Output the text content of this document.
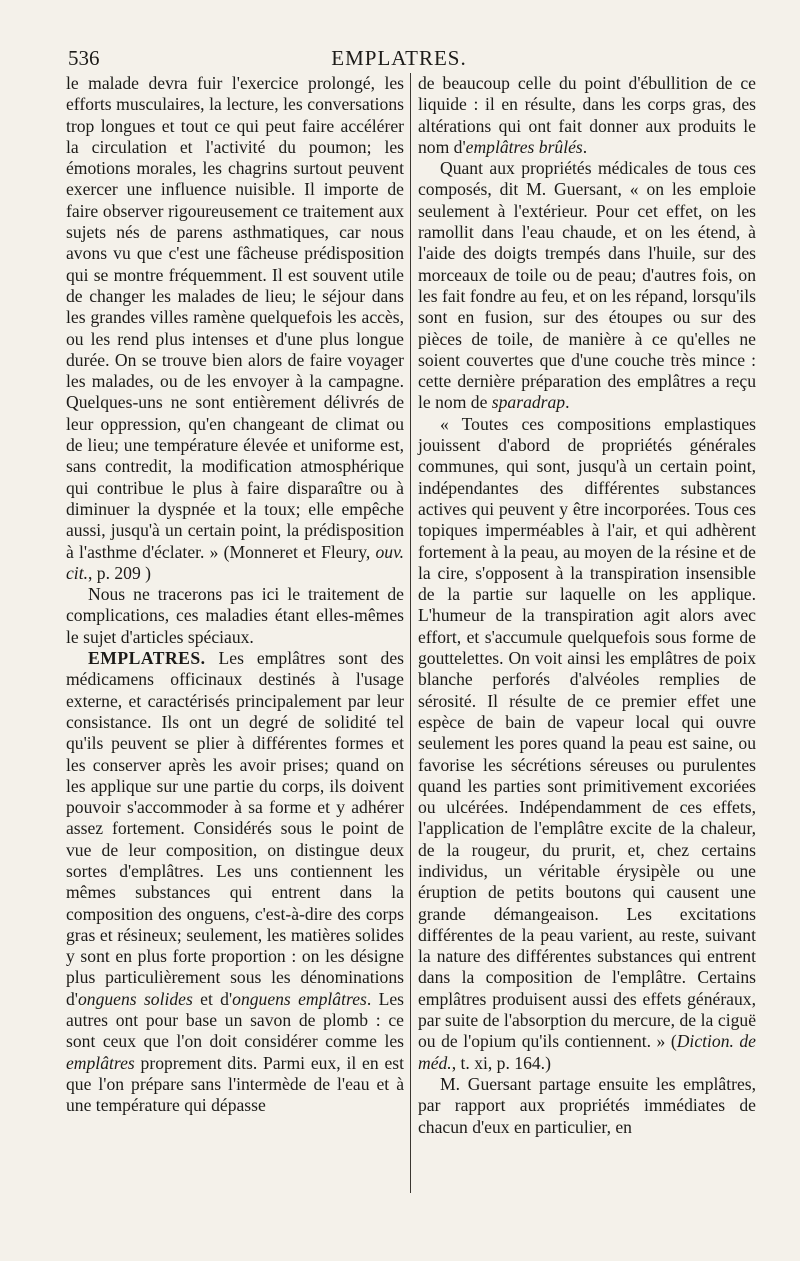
536	EMPLATRES.

le malade devra fuir l'exercice prolongé, les efforts musculaires, la lecture, les conversations trop longues et tout ce qui peut faire accélérer la circulation et l'activité du poumon; les émotions morales, les chagrins surtout peuvent exercer une influence nuisible. Il importe de faire observer rigoureusement ce traitement aux sujets nés de parens asthmatiques, car nous avons vu que c'est une fâcheuse prédisposition qui se montre fréquemment. Il est souvent utile de changer les malades de lieu; le séjour dans les grandes villes ramène quelquefois les accès, ou les rend plus intenses et d'une plus longue durée. On se trouve bien alors de faire voyager les malades, ou de les envoyer à la campagne. Quelques-uns ne sont entièrement délivrés de leur oppression, qu'en changeant de climat ou de lieu; une température élevée et uniforme est, sans contredit, la modification atmosphérique qui contribue le plus à faire disparaître ou à diminuer la dyspnée et la toux; elle empêche aussi, jusqu'à un certain point, la prédisposition à l'asthme d'éclater. » (Monneret et Fleury, ouv. cit., p. 209 )

Nous ne tracerons pas ici le traitement de complications, ces maladies étant elles-mêmes le sujet d'articles spéciaux.

EMPLATRES. Les emplâtres sont des médicamens officinaux destinés à l'usage externe, et caractérisés principalement par leur consistance. Ils ont un degré de solidité tel qu'ils peuvent se plier à différentes formes et les conserver après les avoir prises; quand on les applique sur une partie du corps, ils doivent pouvoir s'accommoder à sa forme et y adhérer assez fortement. Considérés sous le point de vue de leur composition, on distingue deux sortes d'emplâtres. Les uns contiennent les mêmes substances qui entrent dans la composition des onguens, c'est-à-dire des corps gras et résineux; seulement, les matières solides y sont en plus forte proportion : on les désigne plus particulièrement sous les dénominations d'onguens solides et d'onguens emplâtres. Les autres ont pour base un savon de plomb : ce sont ceux que l'on doit considérer comme les emplâtres proprement dits. Parmi eux, il en est que l'on prépare sans l'intermède de l'eau et à une température qui dépasse

de beaucoup celle du point d'ébullition de ce liquide : il en résulte, dans les corps gras, des altérations qui ont fait donner aux produits le nom d'emplâtres brûlés.

Quant aux propriétés médicales de tous ces composés, dit M. Guersant, « on les emploie seulement à l'extérieur. Pour cet effet, on les ramollit dans l'eau chaude, et on les étend, à l'aide des doigts trempés dans l'huile, sur des morceaux de toile ou de peau; d'autres fois, on les fait fondre au feu, et on les répand, lorsqu'ils sont en fusion, sur des étoupes ou sur des pièces de toile, de manière à ce qu'elles ne soient couvertes que d'une couche très mince : cette dernière préparation des emplâtres a reçu le nom de sparadrap.

« Toutes ces compositions emplastiques jouissent d'abord de propriétés générales communes, qui sont, jusqu'à un certain point, indépendantes des différentes substances actives qui peuvent y être incorporées. Tous ces topiques imperméables à l'air, et qui adhèrent fortement à la peau, au moyen de la résine et de la cire, s'opposent à la transpiration insensible de la partie sur laquelle on les applique. L'humeur de la transpiration agit alors avec effort, et s'accumule quelquefois sous forme de gouttelettes. On voit ainsi les emplâtres de poix blanche perforés d'alvéoles remplies de sérosité. Il résulte de ce premier effet une espèce de bain de vapeur local qui ouvre seulement les pores quand la peau est saine, ou favorise les sécrétions séreuses ou purulentes quand les parties sont primitivement excoriées ou ulcérées. Indépendamment de ces effets, l'application de l'emplâtre excite de la chaleur, de la rougeur, du prurit, et, chez certains individus, un véritable érysipèle ou une éruption de petits boutons qui causent une grande démangeaison. Les excitations différentes de la peau varient, au reste, suivant la nature des différentes substances qui entrent dans la composition de l'emplâtre. Certains emplâtres produisent aussi des effets généraux, par suite de l'absorption du mercure, de la ciguë ou de l'opium qu'ils contiennent. » (Diction. de méd., t. xi, p. 164.)

M. Guersant partage ensuite les emplâtres, par rapport aux propriétés immédiates de chacun d'eux en particulier, en
